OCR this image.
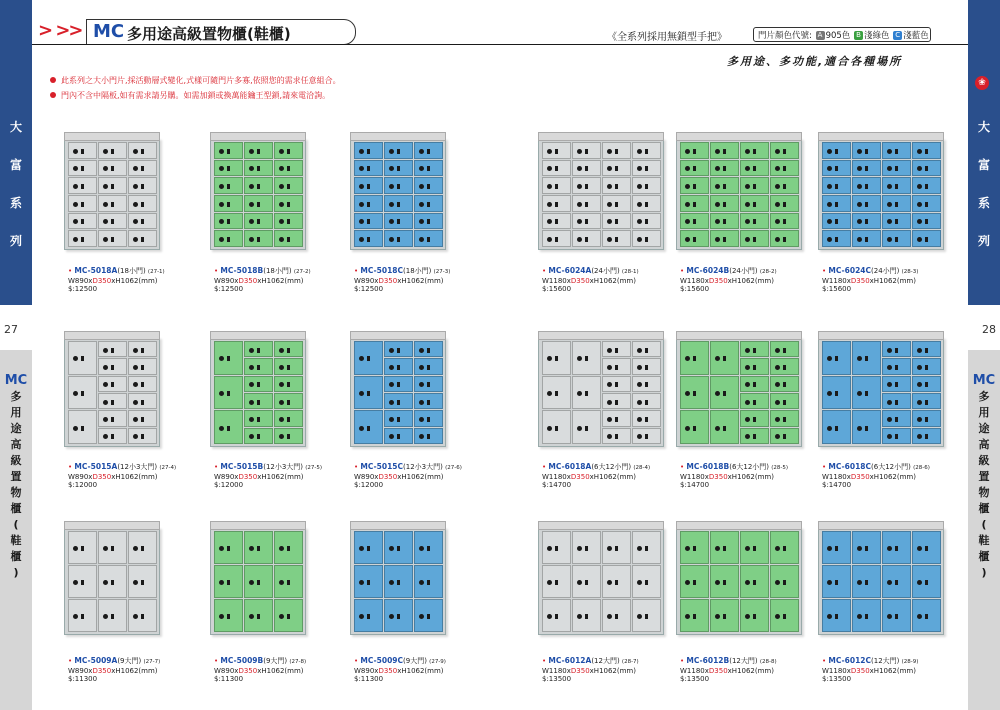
大
富
系
列
大
富
系
列
27	28
MC
多
用
途
高
級
置
物
櫃
(
鞋
櫃
)
MC
多
用
途
高
級
置
物
櫃
(
鞋
櫃
)
> >> MC 多用途高級置物櫃(鞋櫃)	《全系列採用無鎖型手把》	門片顏色代號: A 905色 B 淺綠色 C 淺藍色
多用途、多功能,適合各種場所
❀
此系列之大小門片,採活動層式變化,式樣可隨門片多寡,依照您的需求任意組合。
門內不含中隔板,如有需求請另購。如需加鎖或換萬能鑰王型鎖,請來電洽詢。
• MC-5018A(18小門) (27-1)
W890xD350xH1062(mm)
$:12500
• MC-5018B(18小門) (27-2)
W890xD350xH1062(mm)
$:12500
• MC-5018C(18小門) (27-3)
W890xD350xH1062(mm)
$:12500
• MC-6024A(24小門) (28-1)
W1180xD350xH1062(mm)
$:15600
• MC-6024B(24小門) (28-2)
W1180xD350xH1062(mm)
$:15600
• MC-6024C(24小門) (28-3)
W1180xD350xH1062(mm)
$:15600
• MC-5015A(12小3大門) (27-4)
W890xD350xH1062(mm)
$:12000
• MC-5015B(12小3大門) (27-5)
W890xD350xH1062(mm)
$:12000
• MC-5015C(12小3大門) (27-6)
W890xD350xH1062(mm)
$:12000
• MC-6018A(6大12小門) (28-4)
W1180xD350xH1062(mm)
$:14700
• MC-6018B(6大12小門) (28-5)
W1180xD350xH1062(mm)
$:14700
• MC-6018C(6大12小門) (28-6)
W1180xD350xH1062(mm)
$:14700
• MC-5009A(9大門) (27-7)
W890xD350xH1062(mm)
$:11300
• MC-5009B(9大門) (27-8)
W890xD350xH1062(mm)
$:11300
• MC-5009C(9大門) (27-9)
W890xD350xH1062(mm)
$:11300
• MC-6012A(12大門) (28-7)
W1180xD350xH1062(mm)
$:13500
• MC-6012B(12大門) (28-8)
W1180xD350xH1062(mm)
$:13500
• MC-6012C(12大門) (28-9)
W1180xD350xH1062(mm)
$:13500
